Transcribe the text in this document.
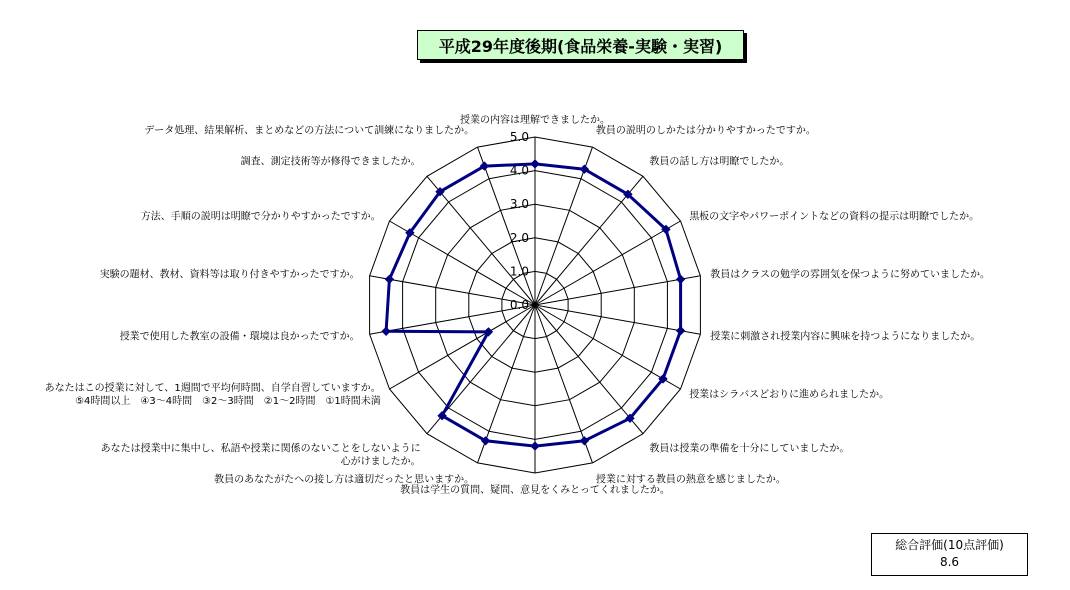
平成29年度後期(食品栄養-実験・実習)
0.0
1.0
2.0
3.0
4.0
5.0
授業の内容は理解できましたか。
教員の説明のしかたは分かりやすかったですか。
教員の話し方は明瞭でしたか。
黒板の文字やパワーポイントなどの資料の提示は明瞭でしたか。
教員はクラスの勉学の雰囲気を保つように努めていましたか。
授業に刺激され授業内容に興味を持つようになりましたか。
授業はシラバスどおりに進められましたか。
教員は授業の準備を十分にしていましたか。
授業に対する教員の熱意を感じましたか。
教員は学生の質問、疑問、意見をくみとってくれましたか。
教員のあなたがたへの接し方は適切だったと思いますか。
あなたは授業中に集中し、私語や授業に関係のないことをしないように心がけましたか。
あなたはこの授業に対して、1週間で平均何時間、自学自習していますか。 ⑤4時間以上　④3～4時間　③2～3時間　②1～2時間　①1時間未満
授業で使用した教室の設備・環境は良かったですか。
実験の題材、教材、資料等は取り付きやすかったですか。
方法、手順の説明は明瞭で分かりやすかったですか。
調査、測定技術等が修得できましたか。
データ処理、結果解析、まとめなどの方法について訓練になりましたか。
総合評価(10点評価)
8.6
